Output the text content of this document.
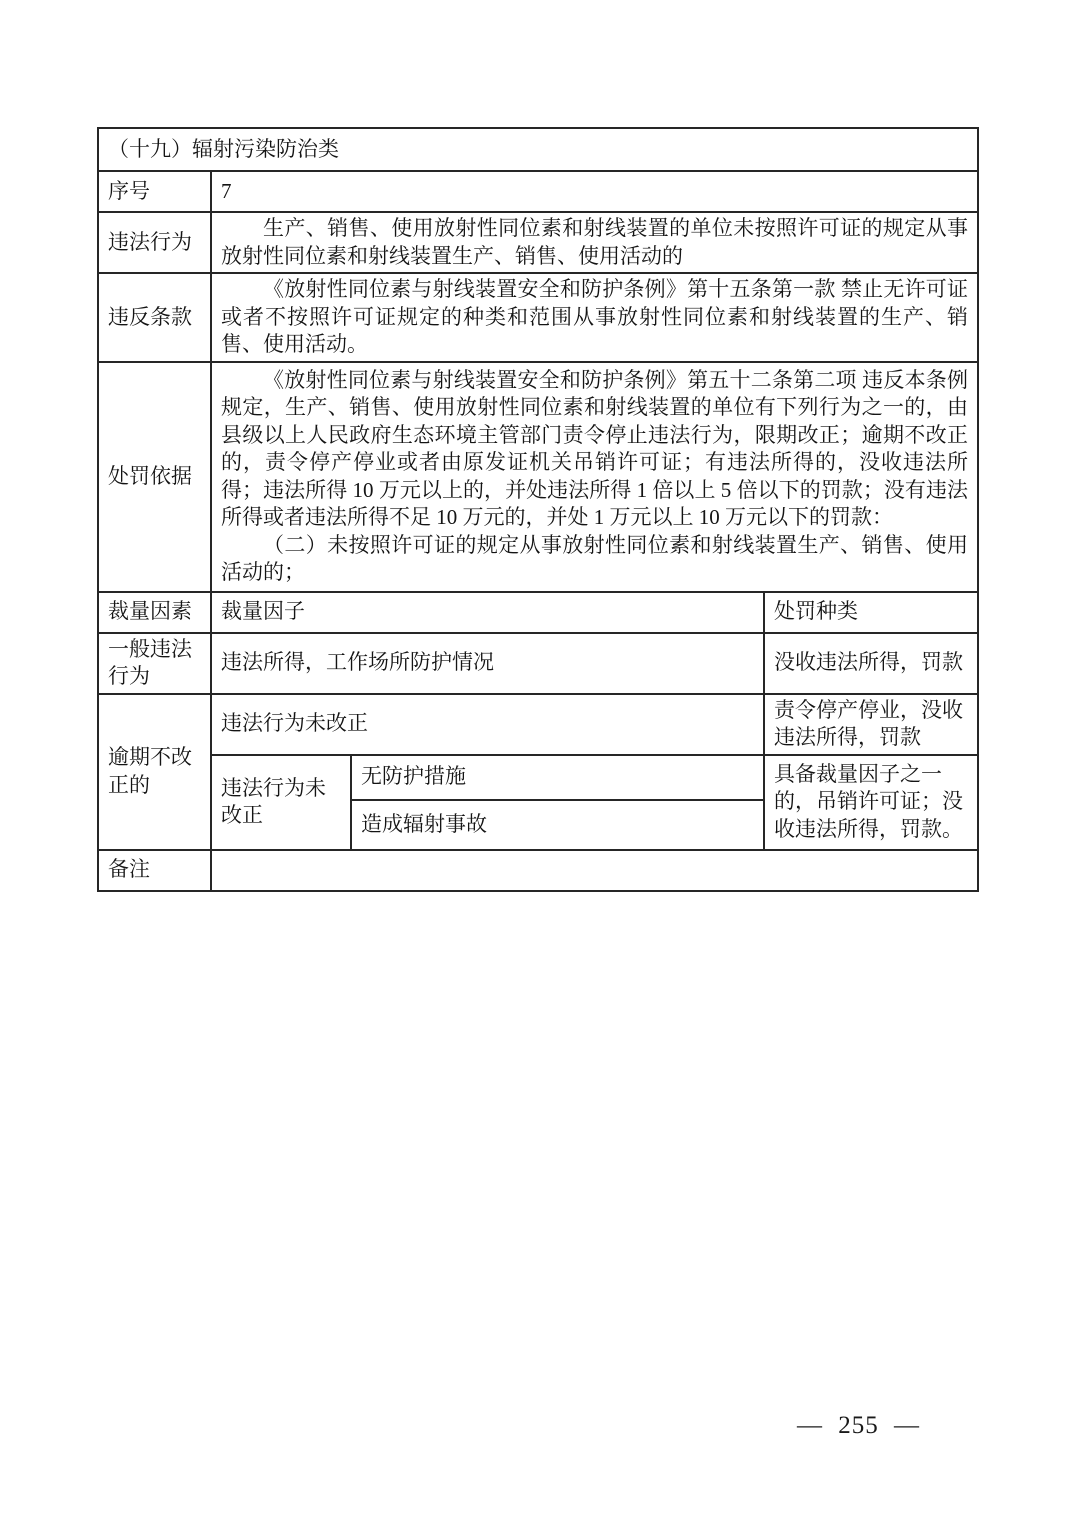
（十九）辐射污染防治类			
序号	7		
违法行为	生产、销售、使用放射性同位素和射线装置的单位未按照许可证的规定从事放射性同位素和射线装置生产、销售、使用活动的		

违反条款	《放射性同位素与射线装置安全和防护条例》第十五条第一款 禁止无许可证或者不按照许可证规定的种类和范围从事放射性同位素和射线装置的生产、销售、使用活动。		

处罚依据	《放射性同位素与射线装置安全和防护条例》第五十二条第二项 违反本条例规定，生产、销售、使用放射性同位素和射线装置的单位有下列行为之一的，由县级以上人民政府生态环境主管部门责令停止违法行为，限期改正；逾期不改正的，责令停产停业或者由原发证机关吊销许可证；有违法所得的，没收违法所得；违法所得 10 万元以上的，并处违法所得 1 倍以上 5 倍以下的罚款；没有违法所得或者违法所得不足 10 万元的，并处 1 万元以上 10 万元以下的罚款：

（二）未按照许可证的规定从事放射性同位素和射线装置生产、销售、使用活动的；		

裁量因素	裁量因子		处罚种类
一般违法行为	违法所得，工作场所防护情况		没收违法所得，罚款
逾期不改正的	违法行为未改正		责令停产停业，没收违法所得，罚款
	违法行为未改正	无防护措施	具备裁量因子之一的，吊销许可证；没收违法所得，罚款。
		造成辐射事故	
备注			
— 255 —
